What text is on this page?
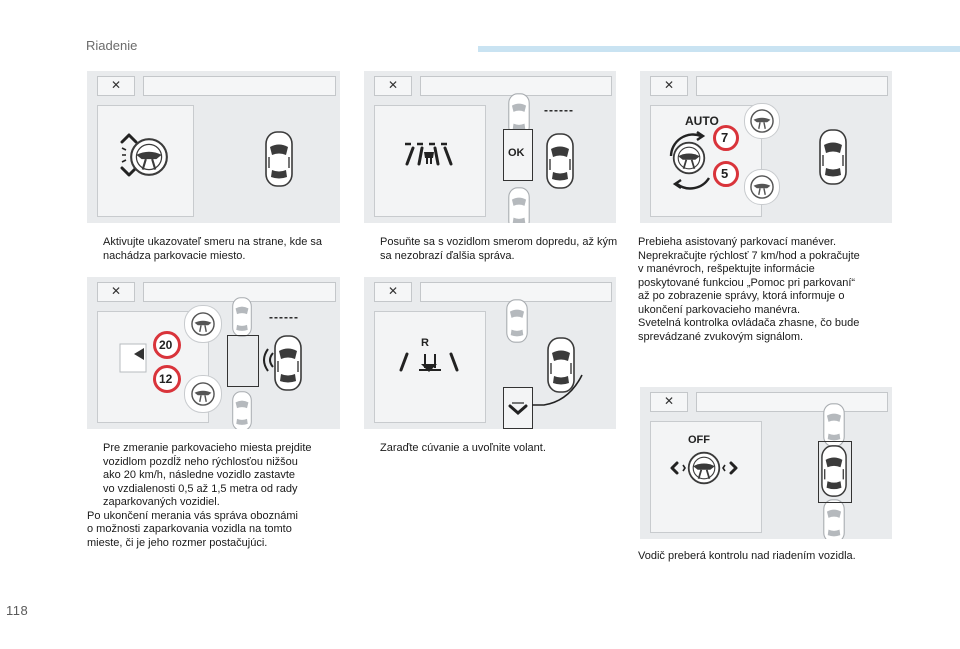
Riadenie
✕	✕
OK
------
✕
AUTO
7
5
✕
20
12
------
✕
R
✕
OFF
Aktivujte ukazovateľ smeru na strane, kde sa nachádza parkovacie miesto.
Posuňte sa s vozidlom smerom dopredu, až kým sa nezobrazí ďalšia správa.
Prebieha asistovaný parkovací manéver.
Neprekračujte rýchlosť 7 km/hod a pokračujte
v manévroch, rešpektujte informácie
poskytované funkciou „Pomoc pri parkovaní“
až po zobrazenie správy, ktorá informuje o
ukončení parkovacieho manévra.
Svetelná kontrolka ovládača zhasne, čo bude
sprevádzané zvukovým signálom.
Pre zmeranie parkovacieho miesta prejdite
vozidlom pozdĺž neho rýchlosťou nižšou
ako 20 km/h, následne vozidlo zastavte
vo vzdialenosti 0,5 až 1,5 metra od rady
zaparkovaných vozidiel.
Po ukončení merania vás správa oboznámi
o možnosti zaparkovania vozidla na tomto
mieste, či je jeho rozmer postačujúci.
Zaraďte cúvanie a uvoľnite volant.
Vodič preberá kontrolu nad riadením vozidla.
118
